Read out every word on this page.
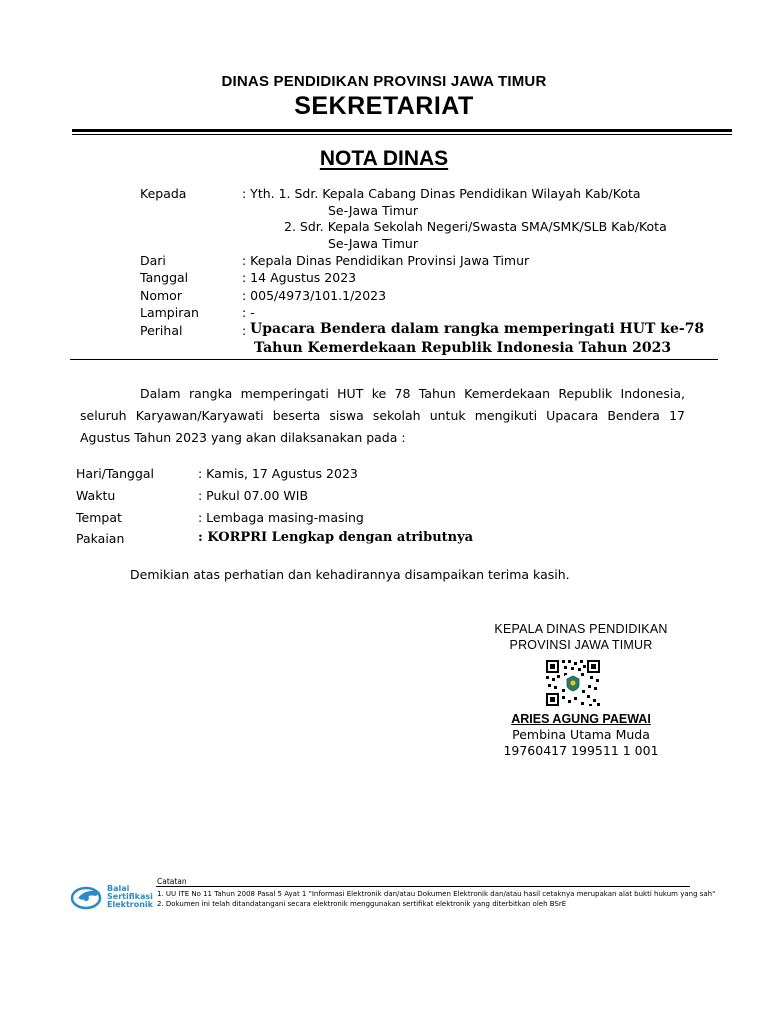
DINAS PENDIDIKAN PROVINSI JAWA TIMUR
SEKRETARIAT
NOTA DINAS
Kepada	: Yth. 1. Sdr. Kepala Cabang Dinas Pendidikan Wilayah Kab/Kota
Se-Jawa Timur
2. Sdr. Kepala Sekolah Negeri/Swasta SMA/SMK/SLB Kab/Kota
Se-Jawa Timur
Dari	: Kepala Dinas Pendidikan Provinsi Jawa Timur
Tanggal	: 14 Agustus 2023
Nomor	: 005/4973/101.1/2023
Lampiran	: -
Perihal	: Upacara Bendera dalam rangka memperingati HUT ke-78
Tahun Kemerdekaan Republik Indonesia Tahun 2023
Dalam rangka memperingati HUT ke 78 Tahun Kemerdekaan Republik Indonesia, seluruh Karyawan/Karyawati beserta siswa sekolah untuk mengikuti Upacara Bendera 17 Agustus Tahun 2023 yang akan dilaksanakan pada :
Hari/Tanggal	: Kamis, 17 Agustus 2023
Waktu	: Pukul 07.00 WIB
Tempat	: Lembaga masing-masing
Pakaian	: KORPRI Lengkap dengan atributnya
Demikian atas perhatian dan kehadirannya disampaikan terima kasih.
KEPALA DINAS PENDIDIKAN
PROVINSI JAWA TIMUR
ARIES AGUNG PAEWAI
Pembina Utama Muda
19760417 199511 1 001
Balai
Sertifikasi
Elektronik
Catatan
1. UU ITE No 11 Tahun 2008 Pasal 5 Ayat 1 "Informasi Elektronik dan/atau Dokumen Elektronik dan/atau hasil cetaknya merupakan alat bukti hukum yang sah"
2. Dokumen ini telah ditandatangani secara elektronik menggunakan sertifikat elektronik yang diterbitkan oleh BSrE
